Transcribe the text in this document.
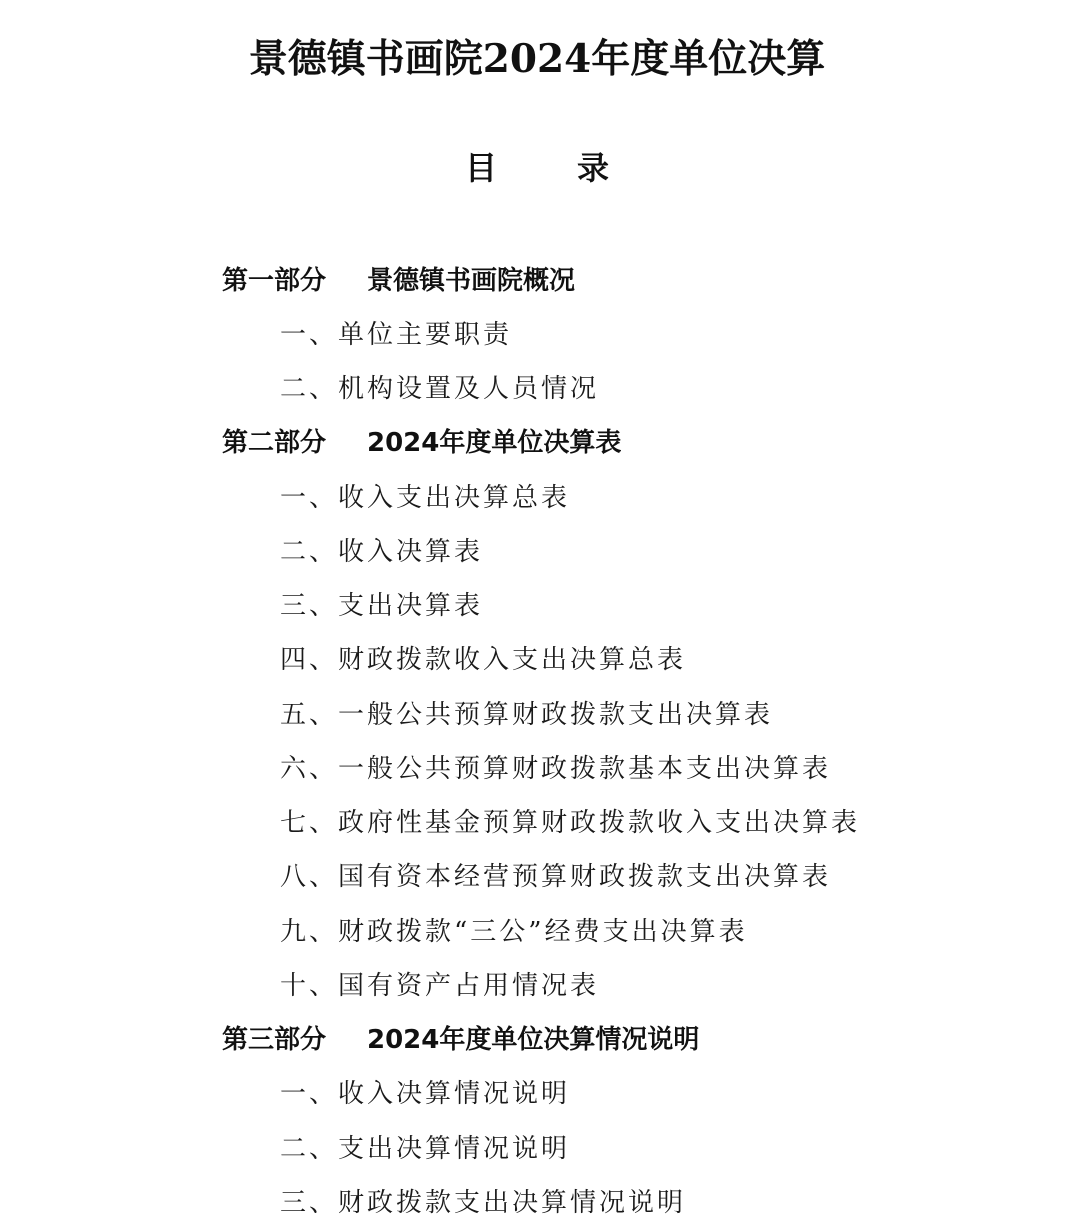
景德镇书画院2024年度单位决算
目	录
第一部分	景德镇书画院概况
一、单位主要职责
二、机构设置及人员情况
第二部分	2024年度单位决算表
一、收入支出决算总表
二、收入决算表
三、支出决算表
四、财政拨款收入支出决算总表
五、一般公共预算财政拨款支出决算表
六、一般公共预算财政拨款基本支出决算表
七、政府性基金预算财政拨款收入支出决算表
八、国有资本经营预算财政拨款支出决算表
九、财政拨款“三公”经费支出决算表
十、国有资产占用情况表
第三部分	2024年度单位决算情况说明
一、收入决算情况说明
二、支出决算情况说明
三、财政拨款支出决算情况说明
